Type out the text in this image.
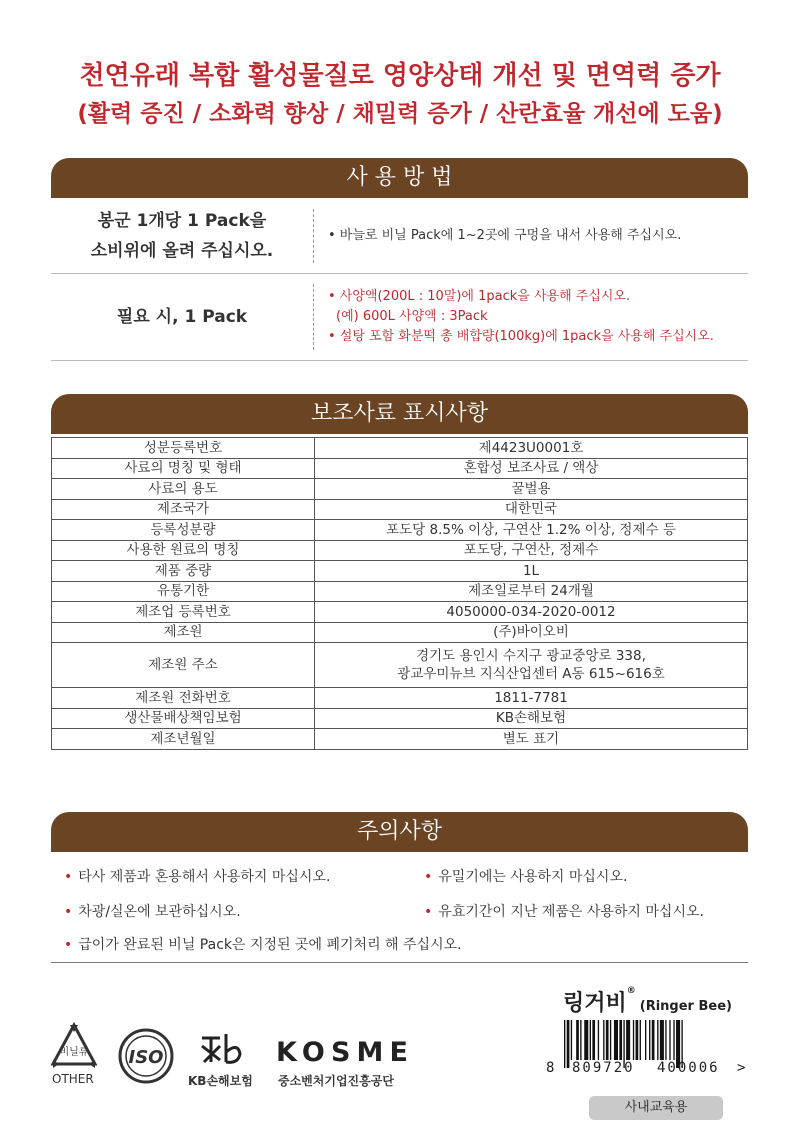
천연유래 복합 활성물질로 영양상태 개선 및 면역력 증가
(활력 증진 / 소화력 향상 / 채밀력 증가 / 산란효율 개선에 도움)
사 용 방 법
봉군 1개당 1 Pack을
소비위에 올려 주십시오.
• 바늘로 비닐 Pack에 1~2곳에 구멍을 내서 사용해 주십시오.
필요 시, 1 Pack
• 사양액(200L : 10말)에 1pack을 사용해 주십시오.
(예) 600L 사양액 : 3Pack
• 설탕 포함 화분떡 총 배합량(100kg)에 1pack을 사용해 주십시오.
보조사료 표시사항
성분등록번호	제4423U0001호
사료의 명칭 및 형태	혼합성 보조사료 / 액상
사료의 용도	꿀벌용
제조국가	대한민국
등록성분량	포도당 8.5% 이상, 구연산 1.2% 이상, 정제수 등
사용한 원료의 명칭	포도당, 구연산, 정제수
제품 중량	1L
유통기한	제조일로부터 24개월
제조업 등록번호	4050000-034-2020-0012
제조원	(주)바이오비
제조원 주소	경기도 용인시 수지구 광교중앙로 338,
광교우미뉴브 지식산업센터 A동 615~616호

제조원 전화번호	1811-7781
생산물배상책임보험	KB손해보험
제조년월일	별도 표기
주의사항
• 타사 제품과 혼용해서 사용하지 마십시오.	• 유밀기에는 사용하지 마십시오.
• 차광/실온에 보관하십시오.	• 유효기간이 지난 제품은 사용하지 마십시오.
• 급이가 완료된 비닐 Pack은 지정된 곳에 폐기처리 해 주십시오.
비닐류
OTHER
ISO
KB손해보험
KOSME
중소벤처기업진흥공단
링거비®(Ringer Bee)
8 809720 400006 >
사내교육용
